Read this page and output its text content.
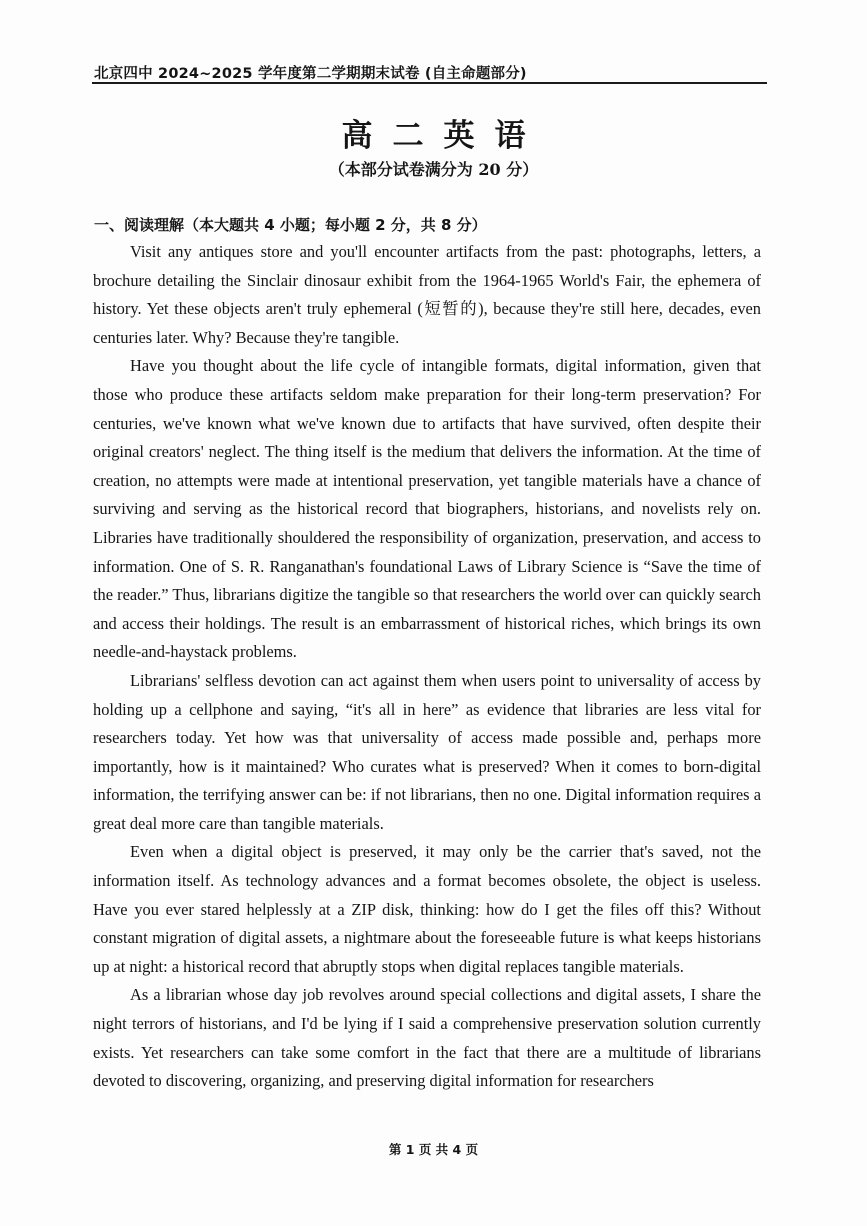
北京四中 2024~2025 学年度第二学期期末试卷 (自主命题部分)
高二英语
（本部分试卷满分为 20 分）
一、阅读理解（本大题共 4 小题；每小题 2 分，共 8 分）

Visit any antiques store and you'll encounter artifacts from the past: photographs, letters, a brochure detailing the Sinclair dinosaur exhibit from the 1964-1965 World's Fair, the ephemera of history. Yet these objects aren't truly ephemeral (短暂的), because they're still here, decades, even centuries later. Why? Because they're tangible.

Have you thought about the life cycle of intangible formats, digital information, given that those who produce these artifacts seldom make preparation for their long-term preservation? For centuries, we've known what we've known due to artifacts that have survived, often despite their original creators' neglect. The thing itself is the medium that delivers the information. At the time of creation, no attempts were made at intentional preservation, yet tangible materials have a chance of surviving and serving as the historical record that biographers, historians, and novelists rely on. Libraries have traditionally shouldered the responsibility of organization, preservation, and access to information. One of S. R. Ranganathan's foundational Laws of Library Science is “Save the time of the reader.” Thus, librarians digitize the tangible so that researchers the world over can quickly search and access their holdings. The result is an embarrassment of historical riches, which brings its own needle-and-haystack problems.

Librarians' selfless devotion can act against them when users point to universality of access by holding up a cellphone and saying, “it's all in here” as evidence that libraries are less vital for researchers today. Yet how was that universality of access made possible and, perhaps more importantly, how is it maintained? Who curates what is preserved? When it comes to born-digital information, the terrifying answer can be: if not librarians, then no one. Digital information requires a great deal more care than tangible materials.

Even when a digital object is preserved, it may only be the carrier that's saved, not the information itself. As technology advances and a format becomes obsolete, the object is useless. Have you ever stared helplessly at a ZIP disk, thinking: how do I get the files off this? Without constant migration of digital assets, a nightmare about the foreseeable future is what keeps historians up at night: a historical record that abruptly stops when digital replaces tangible materials.

As a librarian whose day job revolves around special collections and digital assets, I share the night terrors of historians, and I'd be lying if I said a comprehensive preservation solution currently exists. Yet researchers can take some comfort in the fact that there are a multitude of librarians devoted to discovering, organizing, and preserving digital information for researchers

第 1 页 共 4 页
